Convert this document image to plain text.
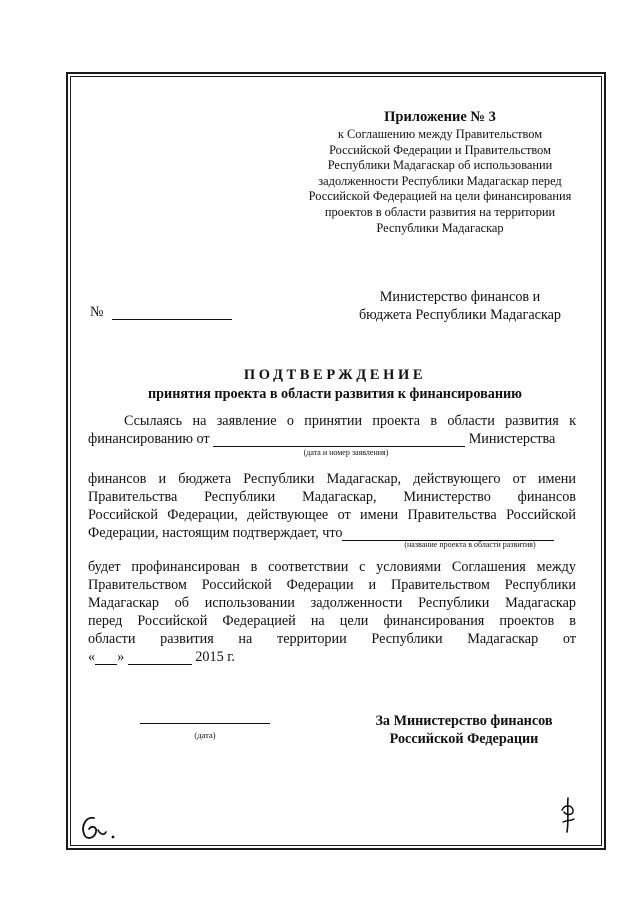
Приложение № 3
к Соглашению между Правительством
Российской Федерации и Правительством
Республики Мадагаскар об использовании
задолженности Республики Мадагаскар перед
Российской Федерацией на цели финансирования
проектов в области развития на территории
Республики Мадагаскар
Министерство финансов и
бюджета Республики Мадагаскар
№
ПОДТВЕРЖДЕНИЕ
принятия проекта в области развития к финансированию
Ссылаясь на заявление о принятии проекта в области развития к
финансированию от	Министерства
(дата и номер заявления)
финансов и бюджета Республики Мадагаскар, действующего от имени
Правительства Республики Мадагаскар, Министерство финансов
Российской Федерации, действующее от имени Правительства Российской
Федерации, настоящим подтверждает, что
(название проекта в области развития)
будет профинансирован в соответствии с условиями Соглашения между
Правительством Российской Федерации и Правительством Республики
Мадагаскар об использовании задолженности Республики Мадагаскар
перед Российской Федерацией на цели финансирования проектов в
области развития на территории Республики Мадагаскар от
« »	2015 г.
(дата)
За Министерство финансов
Российской Федерации
